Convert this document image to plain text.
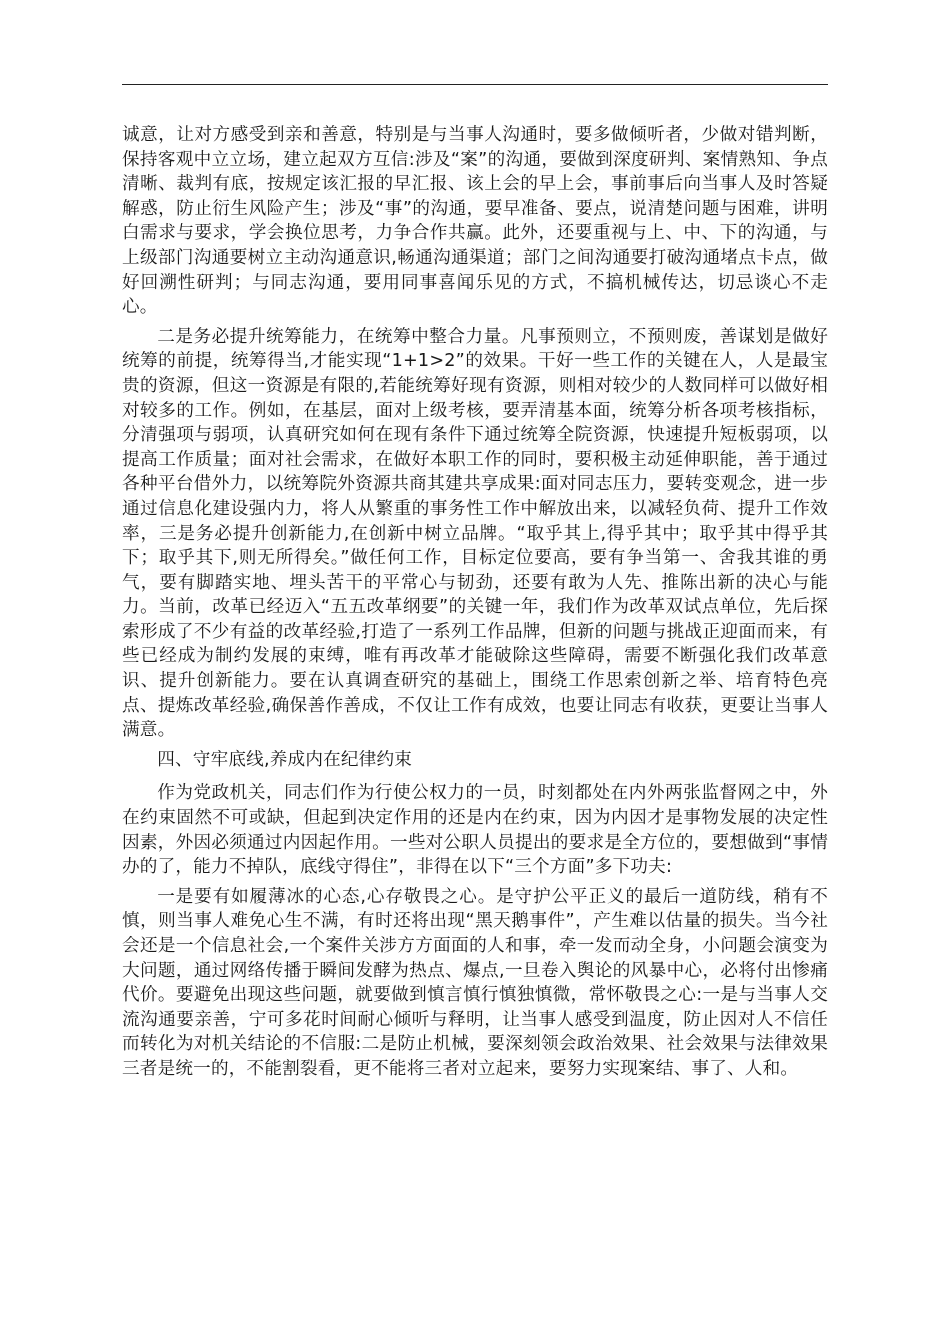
诚意，让对方感受到亲和善意，特别是与当事人沟通时，要多做倾听者，少做对错判断，保持客观中立立场，建立起双方互信:涉及“案”的沟通，要做到深度研判、案情熟知、争点清晰、裁判有底，按规定该汇报的早汇报、该上会的早上会，事前事后向当事人及时答疑解惑，防止衍生风险产生；涉及“事”的沟通，要早准备、要点，说清楚问题与困难，讲明白需求与要求，学会换位思考，力争合作共赢。此外，还要重视与上、中、下的沟通，与上级部门沟通要树立主动沟通意识,畅通沟通渠道；部门之间沟通要打破沟通堵点卡点，做好回溯性研判；与同志沟通，要用同事喜闻乐见的方式，不搞机械传达，切忌谈心不走心。

二是务必提升统筹能力，在统筹中整合力量。凡事预则立，不预则废，善谋划是做好统筹的前提，统筹得当,才能实现“1+1>2”的效果。干好一些工作的关键在人，人是最宝贵的资源，但这一资源是有限的,若能统筹好现有资源，则相对较少的人数同样可以做好相对较多的工作。例如，在基层，面对上级考核，要弄清基本面，统筹分析各项考核指标，分清强项与弱项，认真研究如何在现有条件下通过统筹全院资源，快速提升短板弱项，以提高工作质量；面对社会需求，在做好本职工作的同时，要积极主动延伸职能，善于通过各种平台借外力，以统筹院外资源共商其建共享成果:面对同志压力，要转变观念，进一步通过信息化建设强内力，将人从繁重的事务性工作中解放出来，以减轻负荷、提升工作效率，三是务必提升创新能力,在创新中树立品牌。“取乎其上,得乎其中；取乎其中得乎其下；取乎其下,则无所得矣。”做任何工作，目标定位要高，要有争当第一、舍我其谁的勇气，要有脚踏实地、埋头苦干的平常心与韧劲，还要有敢为人先、推陈出新的决心与能力。当前，改革已经迈入“五五改革纲要”的关键一年，我们作为改革双试点单位，先后探索形成了不少有益的改革经验,打造了一系列工作品牌，但新的问题与挑战正迎面而来，有些已经成为制约发展的束缚，唯有再改革才能破除这些障碍，需要不断强化我们改革意识、提升创新能力。要在认真调查研究的基础上，围绕工作思索创新之举、培育特色亮点、提炼改革经验,确保善作善成，不仅让工作有成效，也要让同志有收获，更要让当事人满意。

四、守牢底线,养成内在纪律约束

作为党政机关，同志们作为行使公权力的一员，时刻都处在内外两张监督网之中，外在约束固然不可或缺，但起到决定作用的还是内在约束，因为内因才是事物发展的决定性因素，外因必须通过内因起作用。一些对公职人员提出的要求是全方位的，要想做到“事情办的了，能力不掉队，底线守得住”，非得在以下“三个方面”多下功夫:

一是要有如履薄冰的心态,心存敬畏之心。是守护公平正义的最后一道防线，稍有不慎，则当事人难免心生不满，有时还将出现“黑天鹅事件”，产生难以估量的损失。当今社会还是一个信息社会,一个案件关涉方方面面的人和事，牵一发而动全身，小问题会演变为大问题，通过网络传播于瞬间发酵为热点、爆点,一旦卷入舆论的风暴中心，必将付出惨痛代价。要避免出现这些问题，就要做到慎言慎行慎独慎微，常怀敬畏之心:一是与当事人交流沟通要亲善，宁可多花时间耐心倾听与释明，让当事人感受到温度，防止因对人不信任而转化为对机关结论的不信服:二是防止机械，要深刻领会政治效果、社会效果与法律效果三者是统一的，不能割裂看，更不能将三者对立起来，要努力实现案结、事了、人和。
